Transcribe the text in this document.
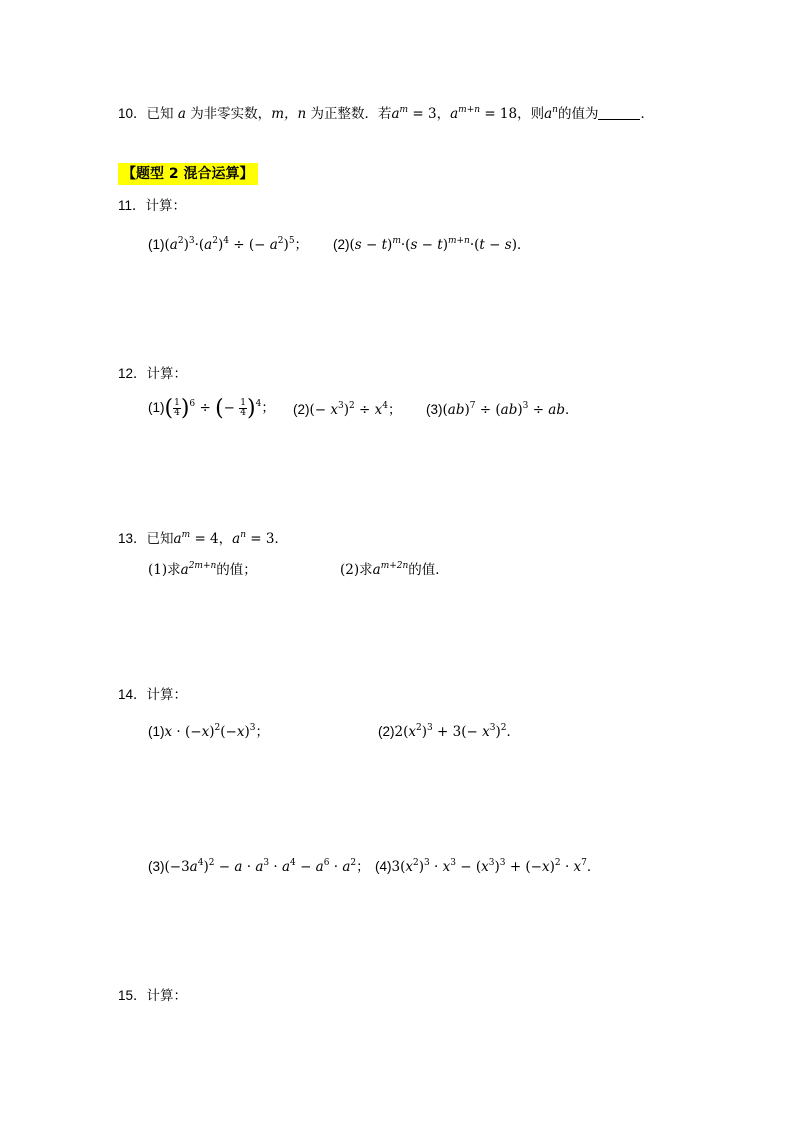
10．已知 a 为非零实数，m，n 为正整数．若$a^m = 3$，$a^{m+n} = 18$，则$a^n$的值为	．
【题型 2 混合运算】
11．计算：
$(1)(a^2)^3\cdot(a^2)^4$ ÷ (− $a^2)^5$； $(2)(s - t)^m\cdot(s - t)^{m+n}\cdot(t - s)$．
12．计算：
$(1)( \frac{1}{4} )^6$ ÷ (− $\frac{1}{4} )^4$； $(2)(- x^3)^2 \div x^4$； (3)(ab)$^7$ ÷ (ab)$^3$ ÷ ab．
13．已知$a^m = 4$，$a^n = 3$．
(1)求$a^{2m+n}$的值；	(2)求$a^{m+2n}$的值．
14．计算：
$(1)x \cdot (-x)^2(-x)^3$；	$(2)2(x^2)^3 + 3(- x^3)^2$．
$(3)(-3a^4)^2 - a \cdot a^3 \cdot a^4 - a^6 \cdot a^2$； $(4)3(x^2)^3 \cdot x^3 - (x^3)^3 + (-x)^2 \cdot x^7$．
15．计算：
